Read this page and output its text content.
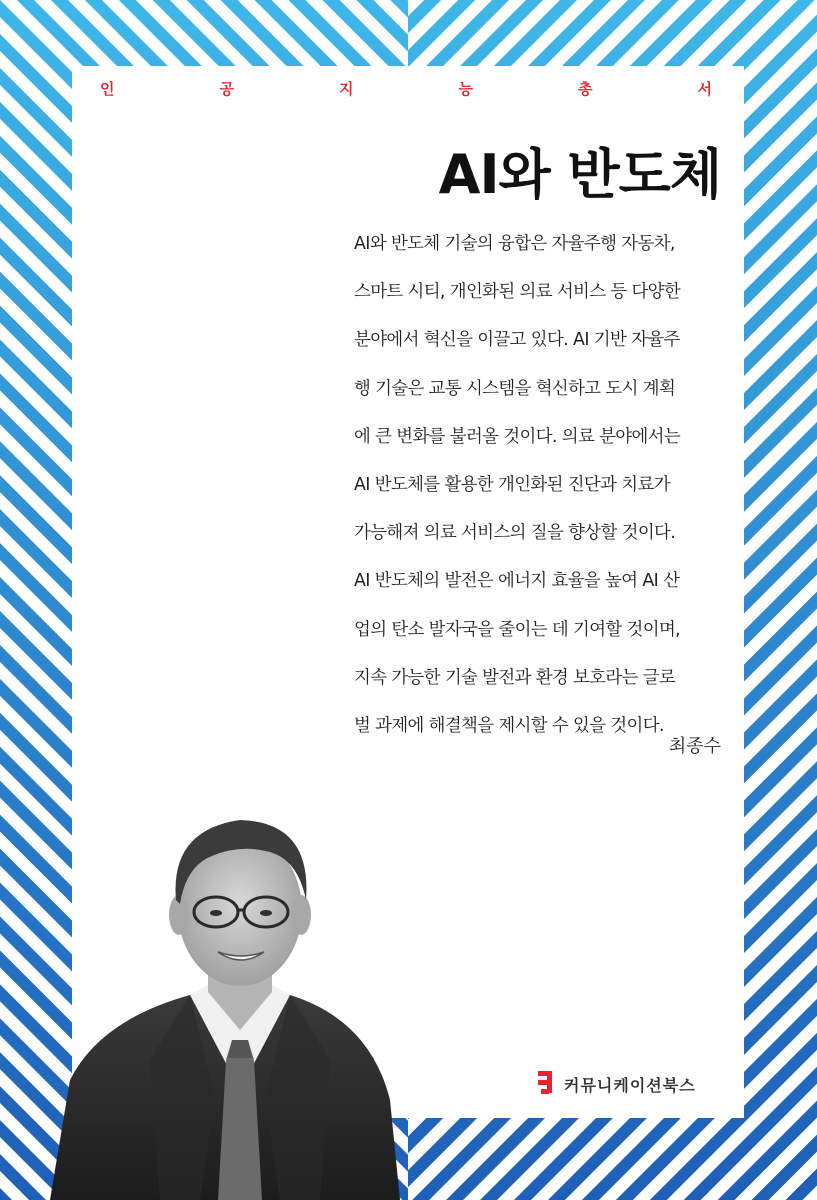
인	공	지	능	총	서
AI와 반도체
AI와 반도체 기술의 융합은 자율주행 자동차,
스마트 시티, 개인화된 의료 서비스 등 다양한
분야에서 혁신을 이끌고 있다. AI 기반 자율주
행 기술은 교통 시스템을 혁신하고 도시 계획
에 큰 변화를 불러올 것이다. 의료 분야에서는
AI 반도체를 활용한 개인화된 진단과 치료가
가능해져 의료 서비스의 질을 향상할 것이다.
AI 반도체의 발전은 에너지 효율을 높여 AI 산
업의 탄소 발자국을 줄이는 데 기여할 것이며,
지속 가능한 기술 발전과 환경 보호라는 글로
벌 과제에 해결책을 제시할 수 있을 것이다.
최종수
커뮤니케이션북스
